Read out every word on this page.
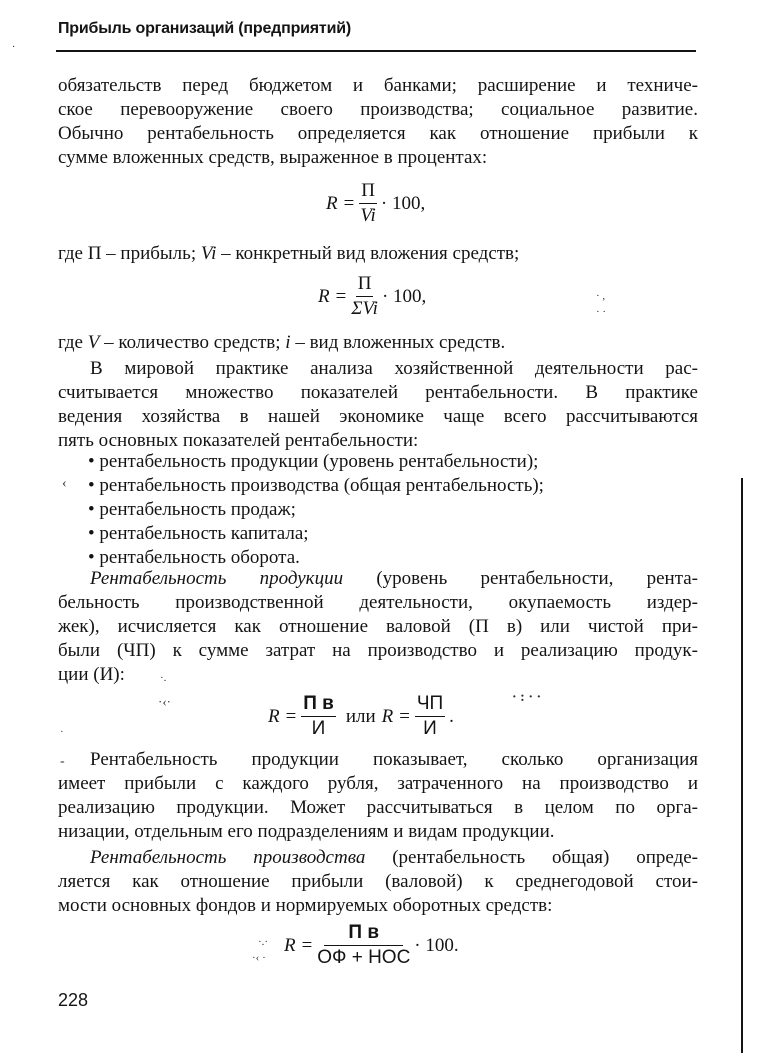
Прибыль организаций (предприятий)
·
обязательств перед бюджетом и банками; расширение и техниче-
ское перевооружение своего производства; социальное развитие.
Обычно рентабельность определяется как отношение прибыли к
сумме вложенных средств, выраженное в процентах:
$R = \frac{П}{Vi} \cdot 100$,
где П – прибыль; Vi – конкретный вид вложения средств;
$R = \frac{П}{\text{ΣVi}} \cdot 100$,	· ,
· ·
где V – количество средств; i – вид вложенных средств.
В мировой практике анализа хозяйственной деятельности рас-
считывается множество показателей рентабельности. В практике
ведения хозяйства в нашей экономике чаще всего рассчитываются
пять основных показателей рентабельности:
• рентабельность продукции (уровень рентабельности);
• рентабельность производства (общая рентабельность);
• рентабельность продаж;
• рентабельность капитала;
• рентабельность оборота.
‹
Рентабельность продукции (уровень рентабельности, рента-
бельность производственной деятельности, окупаемость издер-
жек), исчисляется как отношение валовой (П в) или чистой при-
были (ЧП) к сумме затрат на производство и реализацию продук-
ции (И):	·.
$R = \frac{\text{П в}}{И}$ или $R = \frac{ЧП}{И}$ .
·‹·	· : · ·
·
Рентабельность продукции показывает, сколько организация
имеет прибыли с каждого рубля, затраченного на производство и
реализацию продукции. Может рассчитываться в целом по орга-
низации, отдельным его подразделениям и видам продукции.
-
Рентабельность производства (рентабельность общая) опреде-
ляется как отношение прибыли (валовой) к среднегодовой стои-
мости основных фондов и нормируемых оборотных средств:
$R = \frac{\text{П в}}{\text{ОФ + НОС}} \cdot 100$.
·.·
·‹ ·
228
